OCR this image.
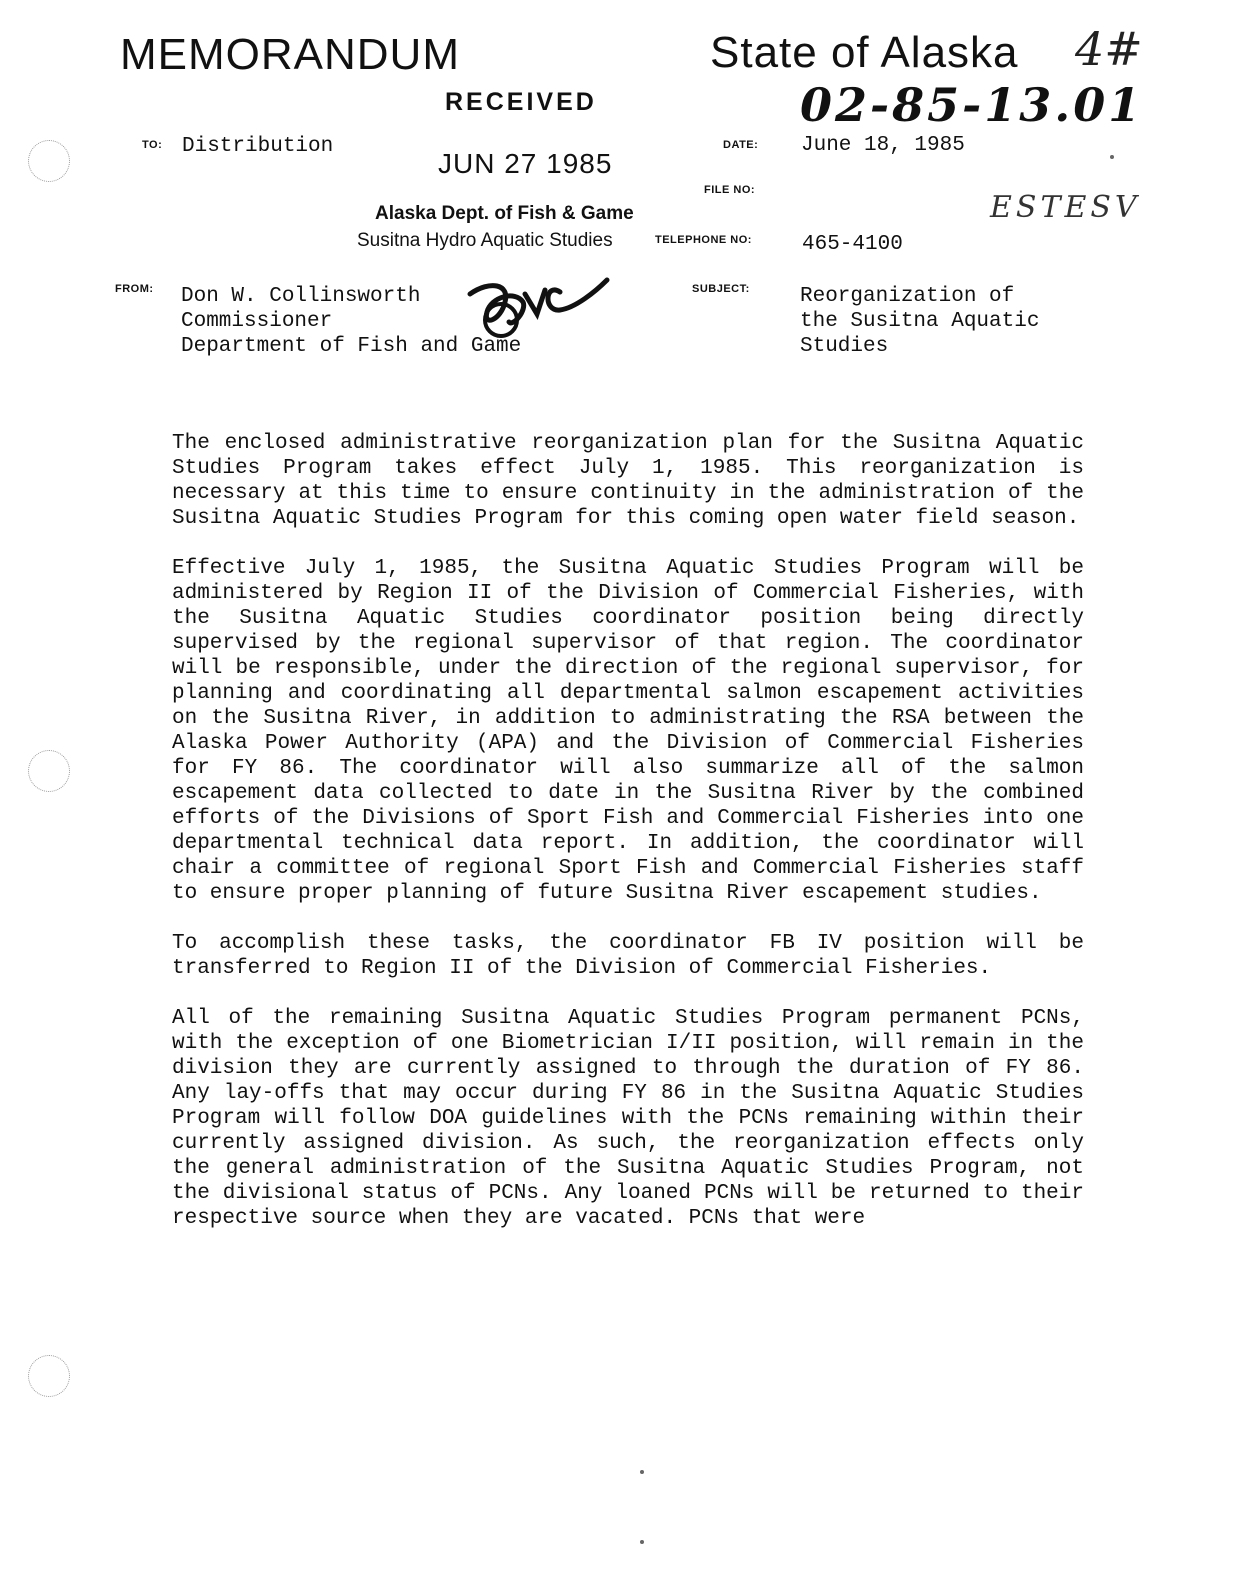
MEMORANDUM	State of Alaska 4#
02-85-13.01
RECEIVED
JUN 27 1985
Alaska Dept. of Fish & Game
Susitna Hydro Aquatic Studies
ESTESV
TO: Distribution
FROM: Don W. Collinsworth
Commissioner
Department of Fish and Game
DATE: June 18, 1985
FILE NO:
TELEPHONE NO: 465-4100
SUBJECT: Reorganization of
the Susitna Aquatic
Studies

The enclosed administrative reorganization plan for the Susitna Aquatic Studies Program takes effect July 1, 1985. This reorganization is necessary at this time to ensure continuity in the administration of the Susitna Aquatic Studies Program for this coming open water field season.

Effective July 1, 1985, the Susitna Aquatic Studies Program will be administered by Region II of the Division of Commercial Fisheries, with the Susitna Aquatic Studies coordinator position being directly supervised by the regional supervisor of that region. The coordinator will be responsible, under the direction of the regional supervisor, for planning and coordinating all departmental salmon escapement activities on the Susitna River, in addition to administrating the RSA between the Alaska Power Authority (APA) and the Division of Commercial Fisheries for FY 86. The coordinator will also summarize all of the salmon escapement data collected to date in the Susitna River by the combined efforts of the Divisions of Sport Fish and Commercial Fisheries into one departmental technical data report. In addition, the coordinator will chair a committee of regional Sport Fish and Commercial Fisheries staff to ensure proper planning of future Susitna River escapement studies.

To accomplish these tasks, the coordinator FB IV position will be transferred to Region II of the Division of Commercial Fisheries.

All of the remaining Susitna Aquatic Studies Program permanent PCNs, with the exception of one Biometrician I/II position, will remain in the division they are currently assigned to through the duration of FY 86. Any lay-offs that may occur during FY 86 in the Susitna Aquatic Studies Program will follow DOA guidelines with the PCNs remaining within their currently assigned division. As such, the reorganization effects only the general administration of the Susitna Aquatic Studies Program, not the divisional status of PCNs. Any loaned PCNs will be returned to their respective source when they are vacated. PCNs that were
